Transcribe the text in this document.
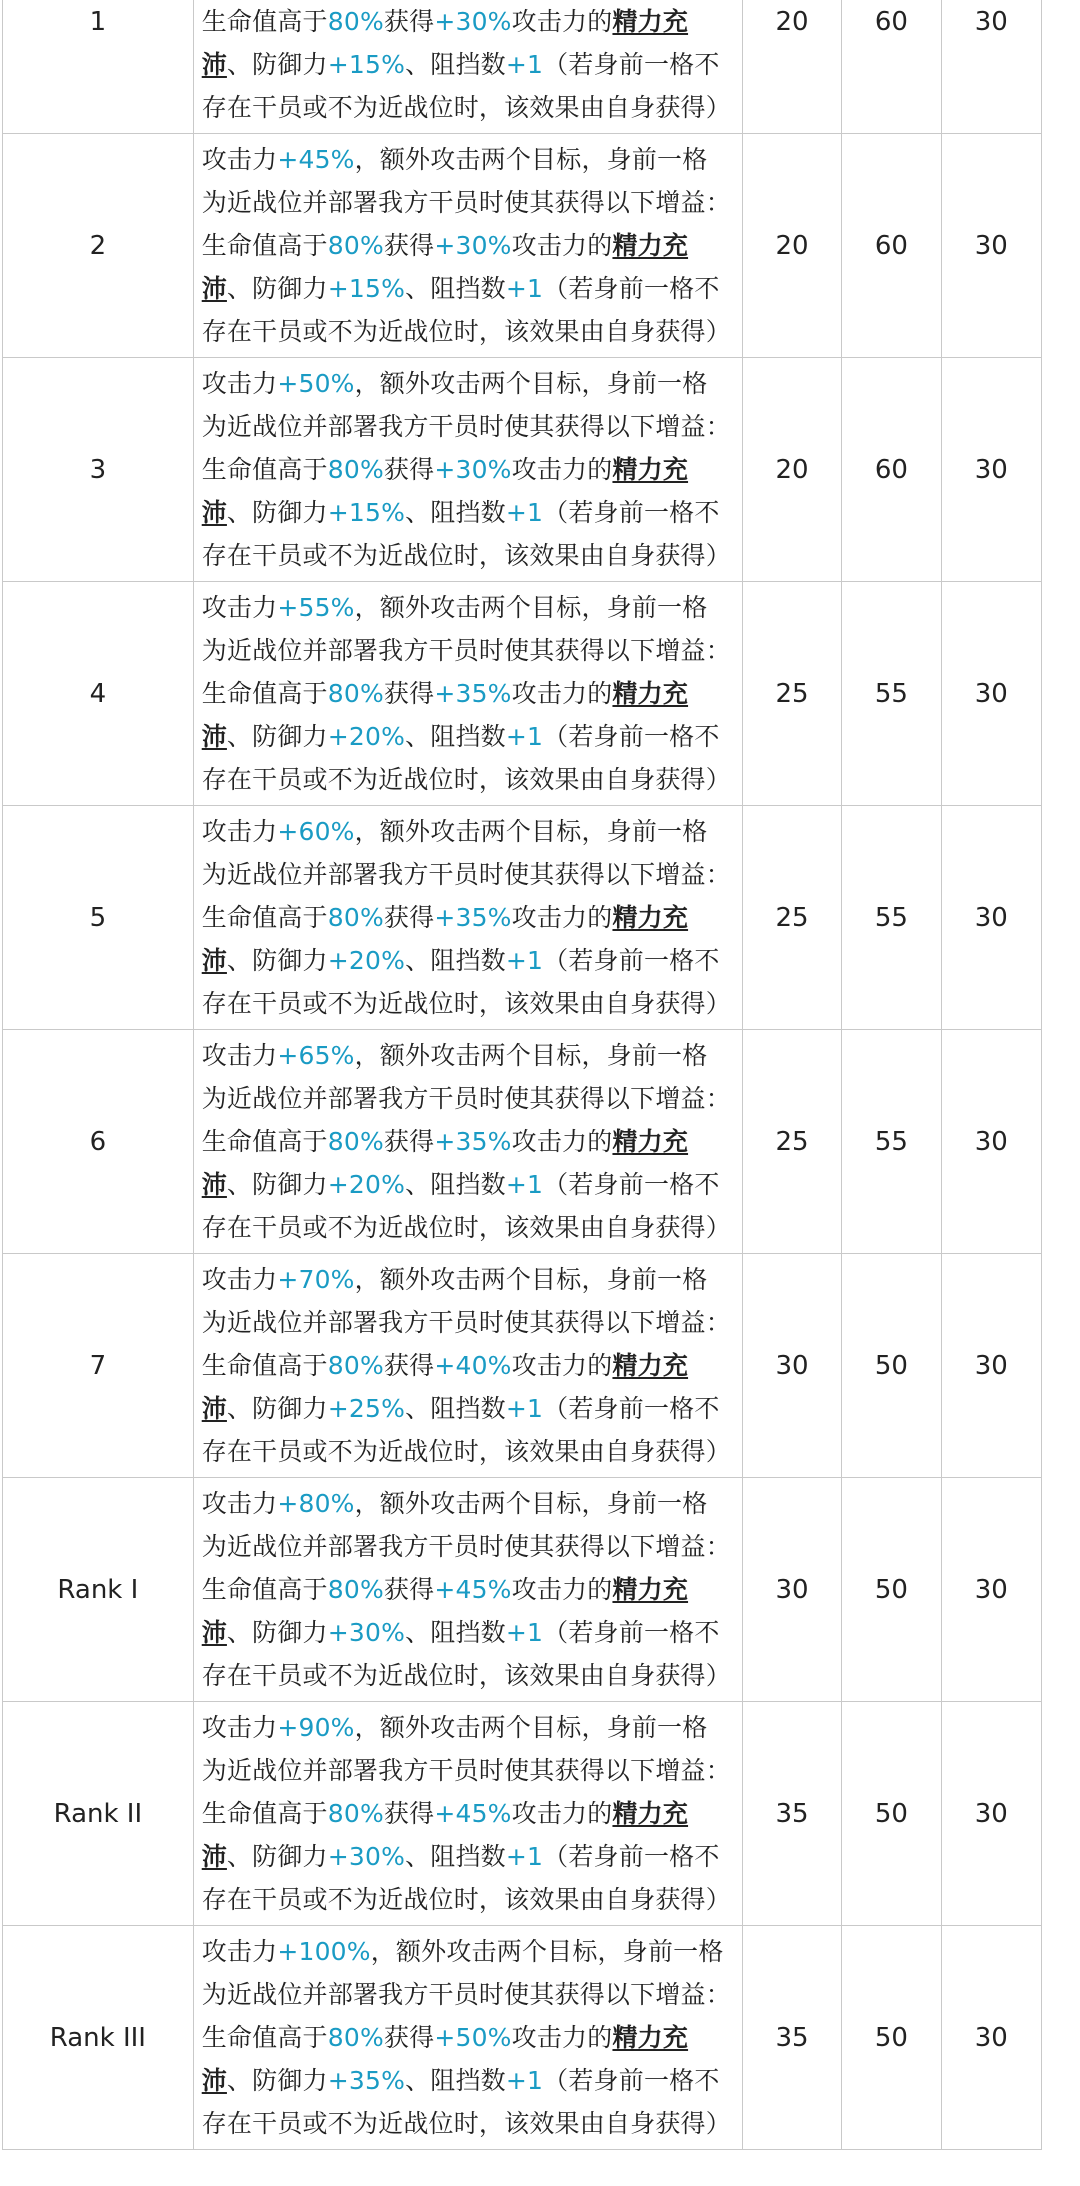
1	生命值高于80%获得+30%攻击力的精力充沛、防御力+15%、阻挡数+1（若身前一格不存在干员或不为近战位时，该效果由自身获得）	20	60	30
2	攻击力+45%，额外攻击两个目标，身前一格为近战位并部署我方干员时使其获得以下增益：生命值高于80%获得+30%攻击力的精力充沛、防御力+15%、阻挡数+1（若身前一格不存在干员或不为近战位时，该效果由自身获得）	20	60	30
3	攻击力+50%，额外攻击两个目标，身前一格为近战位并部署我方干员时使其获得以下增益：生命值高于80%获得+30%攻击力的精力充沛、防御力+15%、阻挡数+1（若身前一格不存在干员或不为近战位时，该效果由自身获得）	20	60	30
4	攻击力+55%，额外攻击两个目标，身前一格为近战位并部署我方干员时使其获得以下增益：生命值高于80%获得+35%攻击力的精力充沛、防御力+20%、阻挡数+1（若身前一格不存在干员或不为近战位时，该效果由自身获得）	25	55	30
5	攻击力+60%，额外攻击两个目标，身前一格为近战位并部署我方干员时使其获得以下增益：生命值高于80%获得+35%攻击力的精力充沛、防御力+20%、阻挡数+1（若身前一格不存在干员或不为近战位时，该效果由自身获得）	25	55	30
6	攻击力+65%，额外攻击两个目标，身前一格为近战位并部署我方干员时使其获得以下增益：生命值高于80%获得+35%攻击力的精力充沛、防御力+20%、阻挡数+1（若身前一格不存在干员或不为近战位时，该效果由自身获得）	25	55	30
7	攻击力+70%，额外攻击两个目标，身前一格为近战位并部署我方干员时使其获得以下增益：生命值高于80%获得+40%攻击力的精力充沛、防御力+25%、阻挡数+1（若身前一格不存在干员或不为近战位时，该效果由自身获得）	30	50	30
Rank I	攻击力+80%，额外攻击两个目标，身前一格为近战位并部署我方干员时使其获得以下增益：生命值高于80%获得+45%攻击力的精力充沛、防御力+30%、阻挡数+1（若身前一格不存在干员或不为近战位时，该效果由自身获得）	30	50	30
Rank II	攻击力+90%，额外攻击两个目标，身前一格为近战位并部署我方干员时使其获得以下增益：生命值高于80%获得+45%攻击力的精力充沛、防御力+30%、阻挡数+1（若身前一格不存在干员或不为近战位时，该效果由自身获得）	35	50	30
Rank III	攻击力+100%，额外攻击两个目标，身前一格为近战位并部署我方干员时使其获得以下增益：生命值高于80%获得+50%攻击力的精力充沛、防御力+35%、阻挡数+1（若身前一格不存在干员或不为近战位时，该效果由自身获得）	35	50	30
